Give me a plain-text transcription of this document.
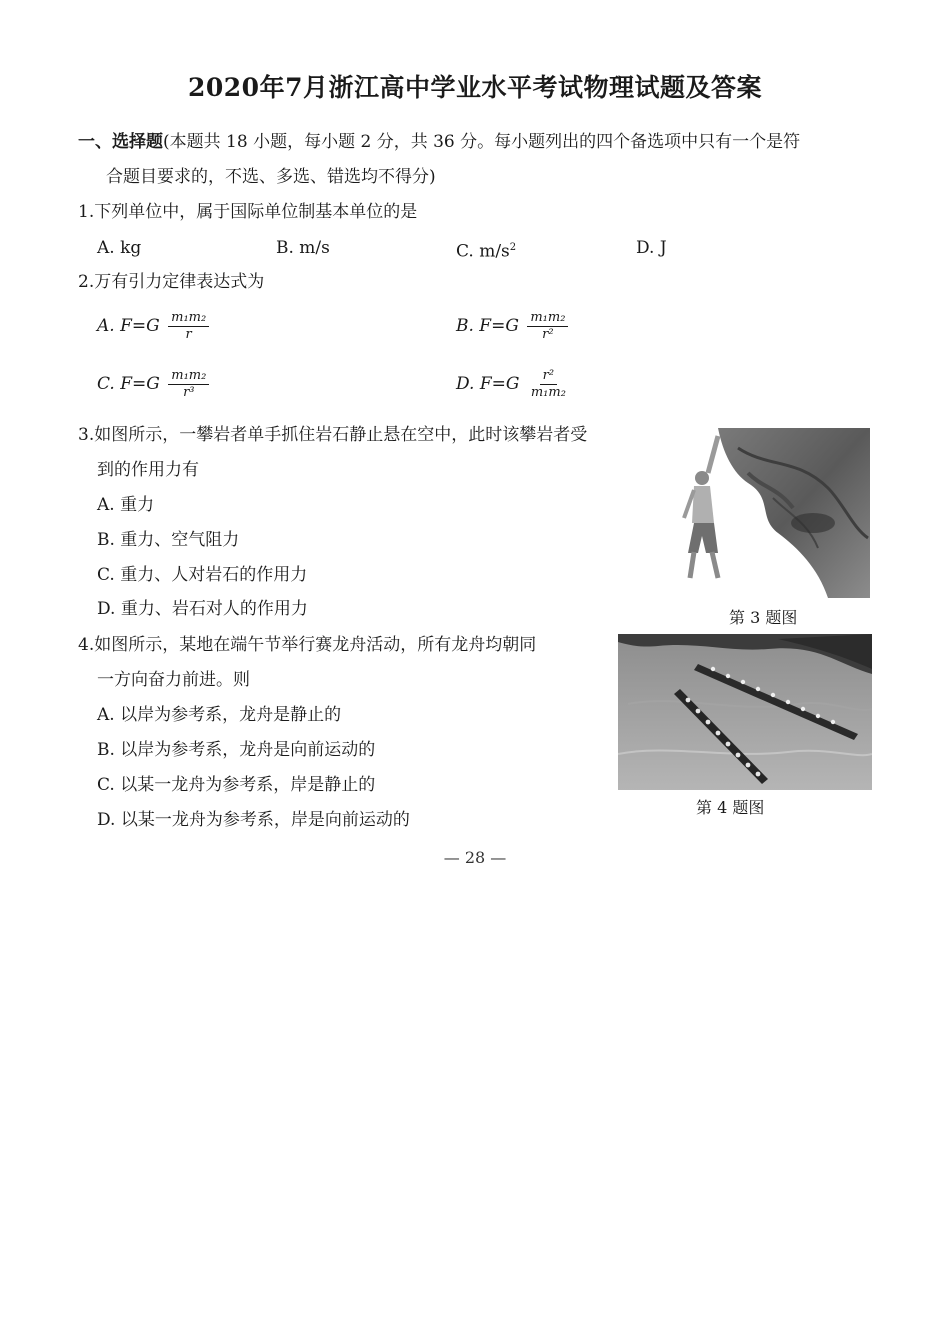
2020年7月浙江高中学业水平考试物理试题及答案
一、选择题(本题共 18 小题，每小题 2 分，共 36 分。每小题列出的四个备选项中只有一个是符
合题目要求的，不选、多选、错选均不得分)
1.下列单位中，属于国际单位制基本单位的是
A. kg	B. m/s	C. $m/s^2$	D. J
2.万有引力定律表达式为
A. $F=G \frac{\text{m₁m₂}}{r}$	B. $F=G \frac{\text{m₁m₂}}{\text{r²}}$
C. $F=G \frac{\text{m₁m₂}}{\text{r³}}$	D. $F=G \frac{\text{r²}}{\text{m₁m₂}}$
3.如图所示，一攀岩者单手抓住岩石静止悬在空中，此时该攀岩者受
到的作用力有
A. 重力
B. 重力、空气阻力
C. 重力、人对岩石的作用力
D. 重力、岩石对人的作用力	第 3 题图
4.如图所示，某地在端午节举行赛龙舟活动，所有龙舟均朝同
一方向奋力前进。则
A. 以岸为参考系，龙舟是静止的
B. 以岸为参考系，龙舟是向前运动的
C. 以某一龙舟为参考系，岸是静止的
D. 以某一龙舟为参考系，岸是向前运动的
第 4 题图
— 28 —
